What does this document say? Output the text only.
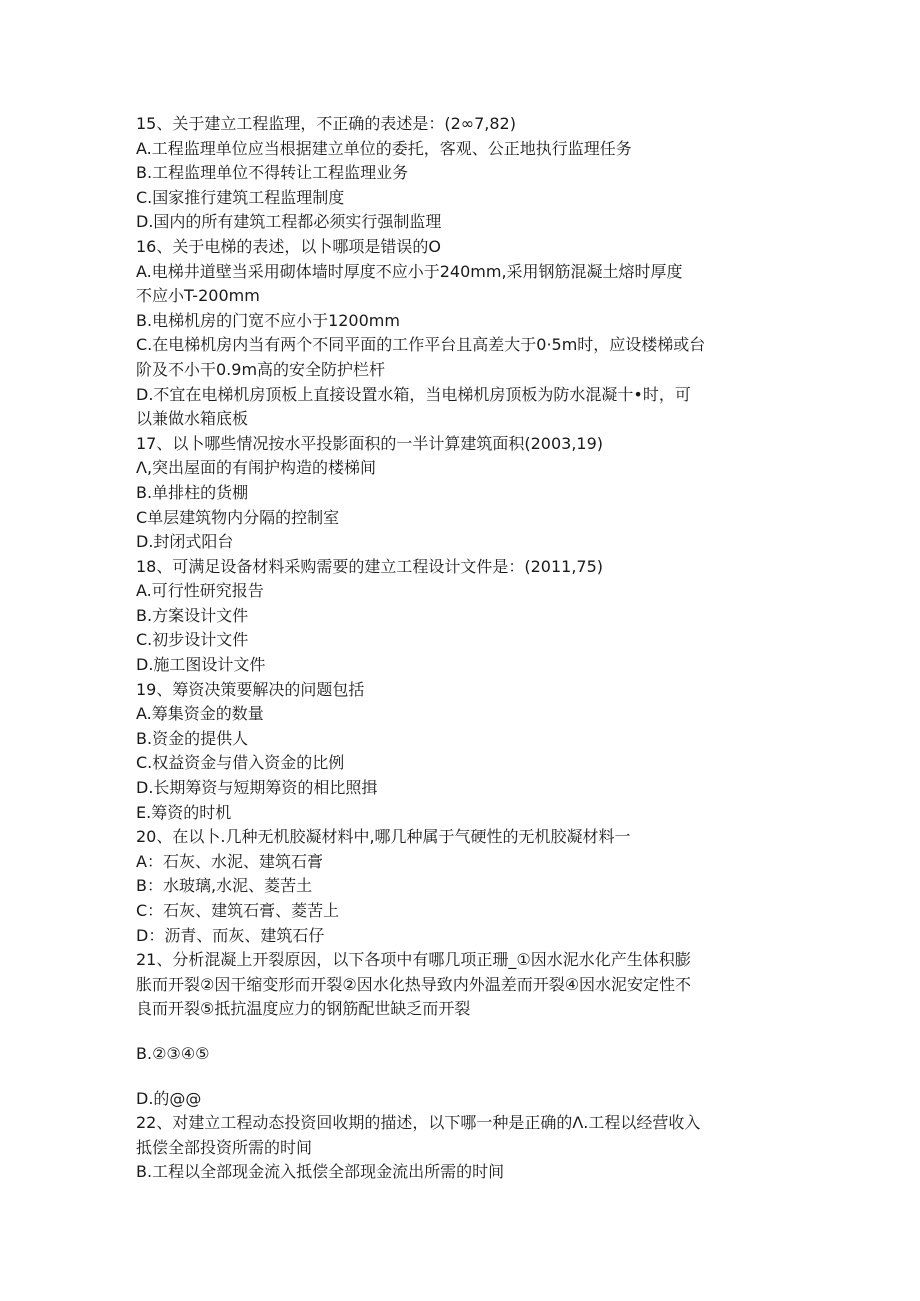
15、关于建立工程监理，不正确的表述是：(2∞7,82)
A.工程监理单位应当根据建立单位的委托，客观、公正地执行监理任务
B.工程监理单位不得转让工程监理业务
C.国家推行建筑工程监理制度
D.国内的所有建筑工程都必须实行强制监理
16、关于电梯的表述，以卜哪项是错误的O
A.电梯井道壁当采用砌体墙时厚度不应小于240mm,采用钢筋混凝土熔时厚度
不应小T-200mm
B.电梯机房的门宽不应小于1200mm
C.在电梯机房内当有两个不同平面的工作平台且高差大于0·5m时，应设楼梯或台
阶及不小干0.9m高的安全防护栏杆
D.不宜在电梯机房顶板上直接设置水箱，当电梯机房顶板为防水混凝十•时，可
以兼做水箱底板
17、以卜哪些情况按水平投影面积的一半计算建筑面积(2003,19)
Λ,突出屋面的有闱护构造的楼梯间
B.单排柱的货棚
C单层建筑物内分隔的控制室
D.封闭式阳台
18、可满足设备材料采购需要的建立工程设计文件是：(2011,75)
A.可行性研究报告
B.方案设计文件
C.初步设计文件
D.施工图设计文件
19、筹资决策要解决的问题包括
A.筹集资金的数量
B.资金的提供人
C.权益资金与借入资金的比例
D.长期筹资与短期筹资的相比照揖
E.筹资的时机
20、在以卜.几种无机胶凝材料中,哪几种属于气硬性的无机胶凝材料一
A：石灰、水泥、建筑石膏
B：水玻璃,水泥、菱苦土
C：石灰、建筑石膏、菱苦上
D：沥青、而灰、建筑石仔
21、分析混凝上开裂原因，以下各项中有哪几项正珊_①因水泥水化产生体积膨
胀而开裂②因干缩变形而开裂②因水化热导致内外温差而开裂④因水泥安定性不
良而开裂⑤抵抗温度应力的钢筋配世缺乏而开裂
B.②③④⑤
D.的@@
22、对建立工程动态投资回收期的描述，以下哪一种是正确的Λ.工程以经营收入
抵偿全部投资所需的时间
B.工程以全部现金流入抵偿全部现金流出所需的时间
